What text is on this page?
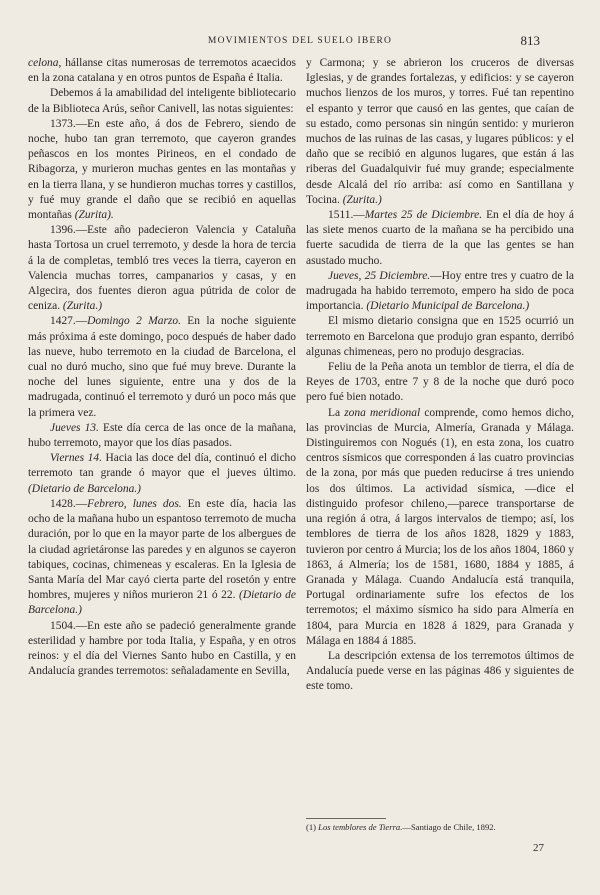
MOVIMIENTOS DEL SUELO IBERO	813

celona, hállanse citas numerosas de terremotos acaecidos en la zona catalana y en otros puntos de España é Italia.

Debemos á la amabilidad del inteligente bibliotecario de la Biblioteca Arús, señor Canivell, las notas siguientes:

1373.—En este año, á dos de Febrero, siendo de noche, hubo tan gran terremoto, que cayeron grandes peñascos en los montes Pirineos, en el condado de Ribagorza, y murieron muchas gentes en las montañas y en la tierra llana, y se hundieron muchas torres y castillos, y fué muy grande el daño que se recibió en aquellas montañas (Zurita).

1396.—Este año padecieron Valencia y Cataluña hasta Tortosa un cruel terremoto, y desde la hora de tercia á la de completas, tembló tres veces la tierra, cayeron en Valencia muchas torres, campanarios y casas, y en Algecira, dos fuentes dieron agua pútrida de color de ceniza. (Zurita.)

1427.—Domingo 2 Marzo. En la noche siguiente más próxima á este domingo, poco después de haber dado las nueve, hubo terremoto en la ciudad de Barcelona, el cual no duró mucho, sino que fué muy breve. Durante la noche del lunes siguiente, entre una y dos de la madrugada, continuó el terremoto y duró un poco más que la primera vez.

Jueves 13. Este día cerca de las once de la mañana, hubo terremoto, mayor que los días pasados.

Viernes 14. Hacia las doce del día, continuó el dicho terremoto tan grande ó mayor que el jueves último. (Dietario de Barcelona.)

1428.—Febrero, lunes dos. En este día, hacia las ocho de la mañana hubo un espantoso terremoto de mucha duración, por lo que en la mayor parte de los albergues de la ciudad agrietáronse las paredes y en algunos se cayeron tabiques, cocinas, chimeneas y escaleras. En la Iglesia de Santa María del Mar cayó cierta parte del rosetón y entre hombres, mujeres y niños murieron 21 ó 22. (Dietario de Barcelona.)

1504.—En este año se padeció generalmente grande esterilidad y hambre por toda Italia, y España, y en otros reinos: y el día del Viernes Santo hubo en Castilla, y en Andalucía grandes terremotos: señaladamente en Sevilla,

y Carmona; y se abrieron los cruceros de diversas Iglesias, y de grandes fortalezas, y edificios: y se cayeron muchos lienzos de los muros, y torres. Fué tan repentino el espanto y terror que causó en las gentes, que caían de su estado, como personas sin ningún sentido: y murieron muchos de las ruinas de las casas, y lugares públicos: y el daño que se recibió en algunos lugares, que están á las riberas del Guadalquivir fué muy grande; especialmente desde Alcalá del río arriba: así como en Santillana y Tocina. (Zurita.)

1511.—Martes 25 de Diciembre. En el día de hoy á las siete menos cuarto de la mañana se ha percibido una fuerte sacudida de tierra de la que las gentes se han asustado mucho.

Jueves, 25 Diciembre.—Hoy entre tres y cuatro de la madrugada ha habido terremoto, empero ha sido de poca importancia. (Dietario Municipal de Barcelona.)

El mismo dietario consigna que en 1525 ocurrió un terremoto en Barcelona que produjo gran espanto, derribó algunas chimeneas, pero no produjo desgracias.

Feliu de la Peña anota un temblor de tierra, el día de Reyes de 1703, entre 7 y 8 de la noche que duró poco pero fué bien notado.

La zona meridional comprende, como hemos dicho, las provincias de Murcia, Almería, Granada y Málaga. Distinguiremos con Nogués (1), en esta zona, los cuatro centros sísmicos que corresponden á las cuatro provincias de la zona, por más que pueden reducirse á tres uniendo los dos últimos. La actividad sísmica, —dice el distinguido profesor chileno,—parece transportarse de una región á otra, á largos intervalos de tiempo; así, los temblores de tierra de los años 1828, 1829 y 1883, tuvieron por centro á Murcia; los de los años 1804, 1860 y 1863, á Almería; los de 1581, 1680, 1884 y 1885, á Granada y Málaga. Cuando Andalucía está tranquila, Portugal ordinariamente sufre los efectos de los terremotos; el máximo sísmico ha sido para Almería en 1804, para Murcia en 1828 á 1829, para Granada y Málaga en 1884 á 1885.

La descripción extensa de los terremotos últimos de Andalucía puede verse en las páginas 486 y siguientes de este tomo.

(1) Los temblores de Tierra.—Santiago de Chile, 1892.
27
